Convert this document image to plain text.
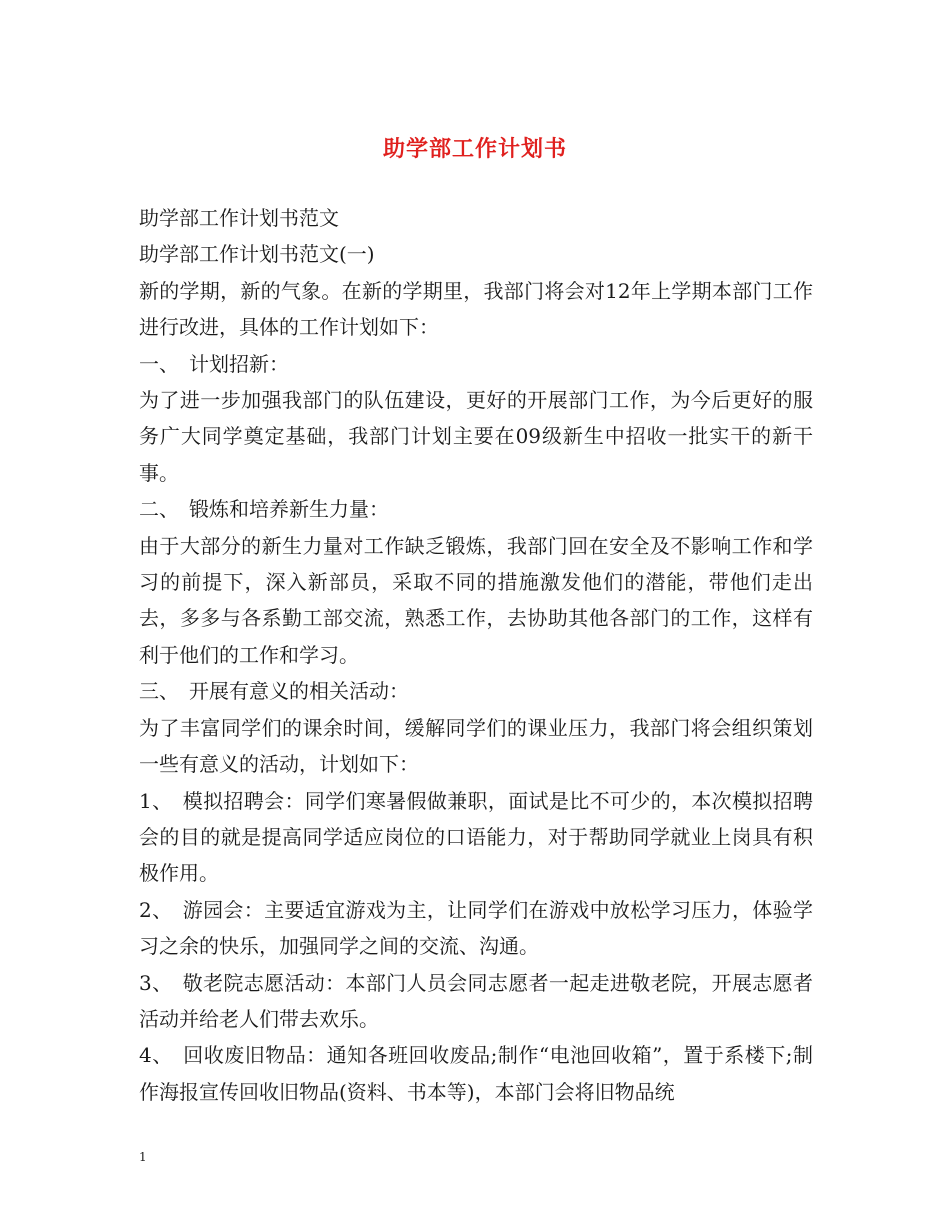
助学部工作计划书

助学部工作计划书范文

助学部工作计划书范文(一)

新的学期，新的气象。在新的学期里，我部门将会对12年上学期本部门工作进行改进，具体的工作计划如下：

一、　计划招新：

为了进一步加强我部门的队伍建设，更好的开展部门工作，为今后更好的服务广大同学奠定基础，我部门计划主要在09级新生中招收一批实干的新干事。

二、　锻炼和培养新生力量：

由于大部分的新生力量对工作缺乏锻炼，我部门回在安全及不影响工作和学习的前提下，深入新部员，采取不同的措施激发他们的潜能，带他们走出去，多多与各系勤工部交流，熟悉工作，去协助其他各部门的工作，这样有利于他们的工作和学习。

三、　开展有意义的相关活动：

为了丰富同学们的课余时间，缓解同学们的课业压力，我部门将会组织策划一些有意义的活动，计划如下：

1、　模拟招聘会：同学们寒暑假做兼职，面试是比不可少的，本次模拟招聘会的目的就是提高同学适应岗位的口语能力，对于帮助同学就业上岗具有积极作用。

2、　游园会：主要适宜游戏为主，让同学们在游戏中放松学习压力，体验学习之余的快乐，加强同学之间的交流、沟通。

3、　敬老院志愿活动：本部门人员会同志愿者一起走进敬老院，开展志愿者活动并给老人们带去欢乐。

4、　回收废旧物品：通知各班回收废品;制作“电池回收箱”，置于系楼下;制作海报宣传回收旧物品(资料、书本等)，本部门会将旧物品统

1
